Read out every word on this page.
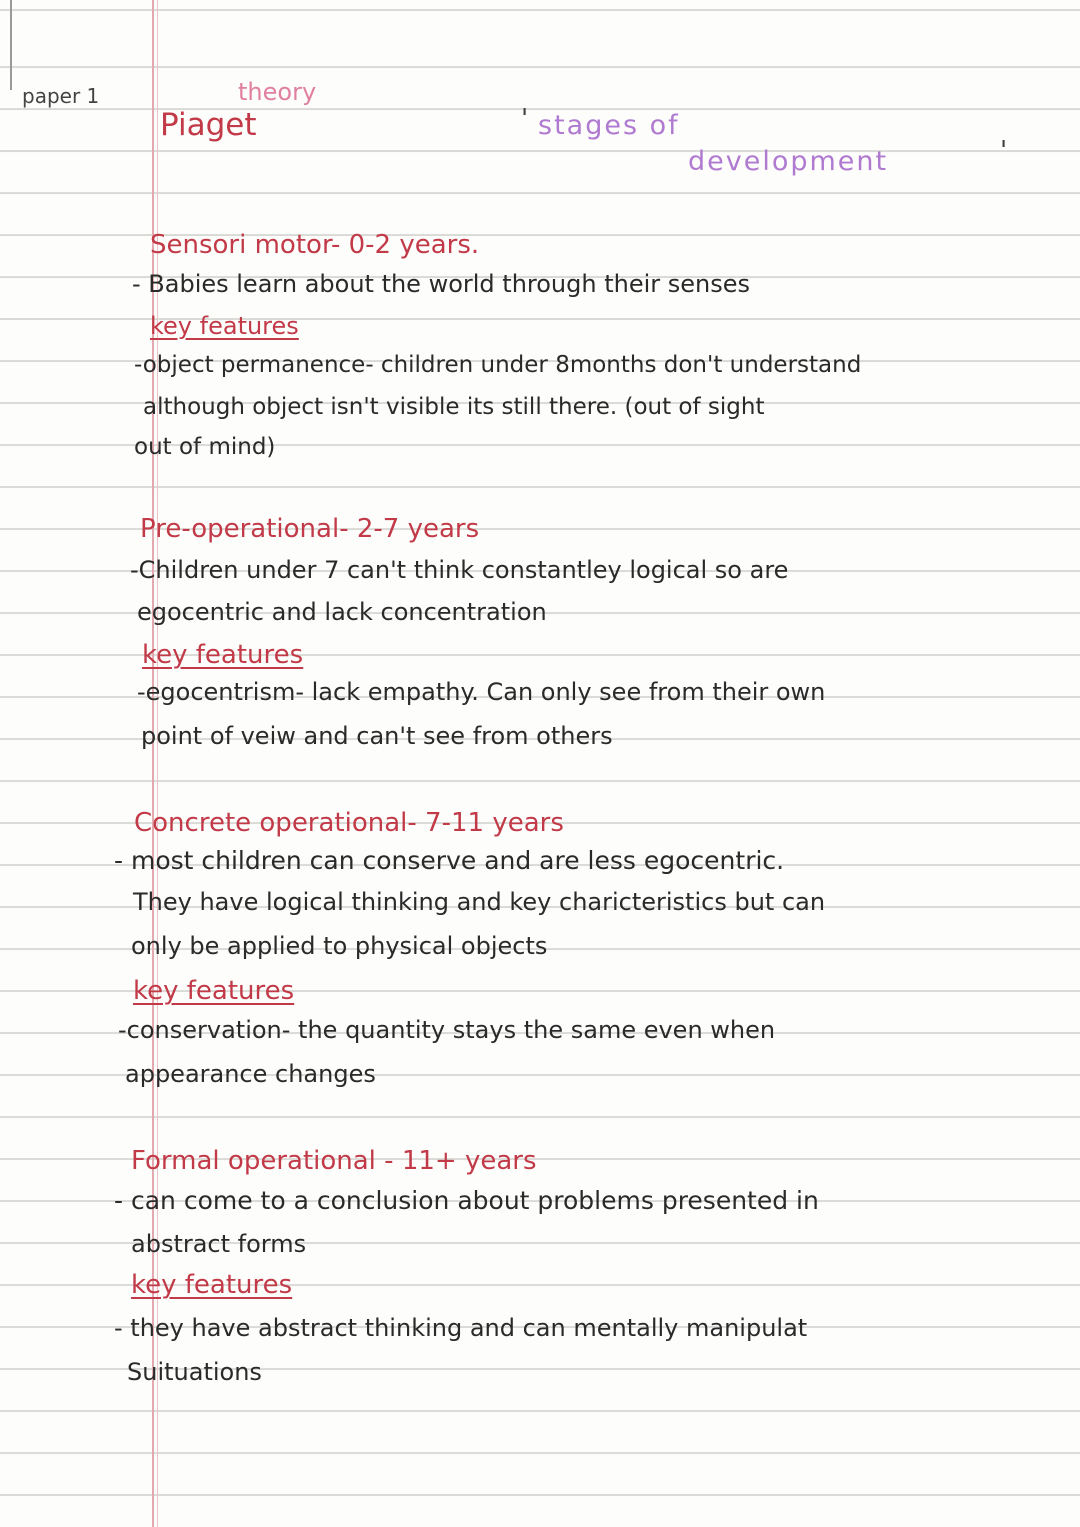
paper 1	theory
Piaget	' stages of
development	'
Sensori motor- 0-2 years.
- Babies learn about the world through their senses
key features
-object permanence- children under 8months don't understand
although object isn't visible its still there. (out of sight
out of mind)
Pre-operational- 2-7 years
-Children under 7 can't think constantley logical so are
egocentric and lack concentration
key features
-egocentrism- lack empathy. Can only see from their own
point of veiw and can't see from others
Concrete operational- 7-11 years
- most children can conserve and are less egocentric.
They have logical thinking and key charicteristics but can
only be applied to physical objects
key features
-conservation- the quantity stays the same even when
appearance changes
Formal operational - 11+ years
- can come to a conclusion about problems presented in
abstract forms
key features
- they have abstract thinking and can mentally manipulat
Suituations
